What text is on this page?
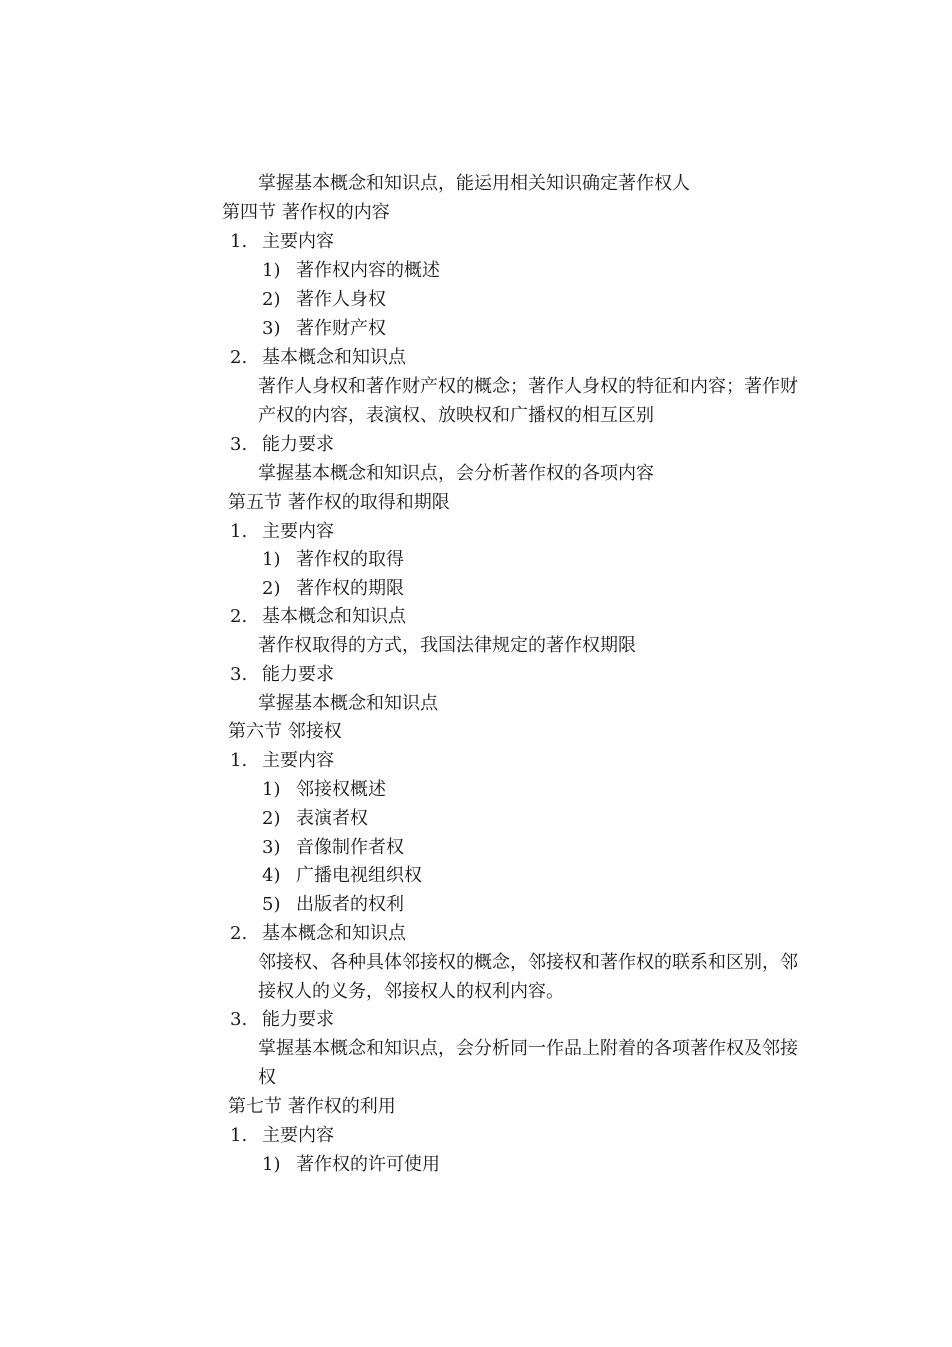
掌握基本概念和知识点，能运用相关知识确定著作权人
第四节 著作权的内容
1. 主要内容
1) 著作权内容的概述
2) 著作人身权
3) 著作财产权
2. 基本概念和知识点
著作人身权和著作财产权的概念；著作人身权的特征和内容；著作财
产权的内容，表演权、放映权和广播权的相互区别
3. 能力要求
掌握基本概念和知识点，会分析著作权的各项内容
第五节 著作权的取得和期限
1. 主要内容
1) 著作权的取得
2) 著作权的期限
2. 基本概念和知识点
著作权取得的方式，我国法律规定的著作权期限
3. 能力要求
掌握基本概念和知识点
第六节 邻接权
1. 主要内容
1) 邻接权概述
2) 表演者权
3) 音像制作者权
4) 广播电视组织权
5) 出版者的权利
2. 基本概念和知识点
邻接权、各种具体邻接权的概念，邻接权和著作权的联系和区别，邻
接权人的义务，邻接权人的权利内容。
3. 能力要求
掌握基本概念和知识点，会分析同一作品上附着的各项著作权及邻接
权
第七节 著作权的利用
1. 主要内容
1) 著作权的许可使用
